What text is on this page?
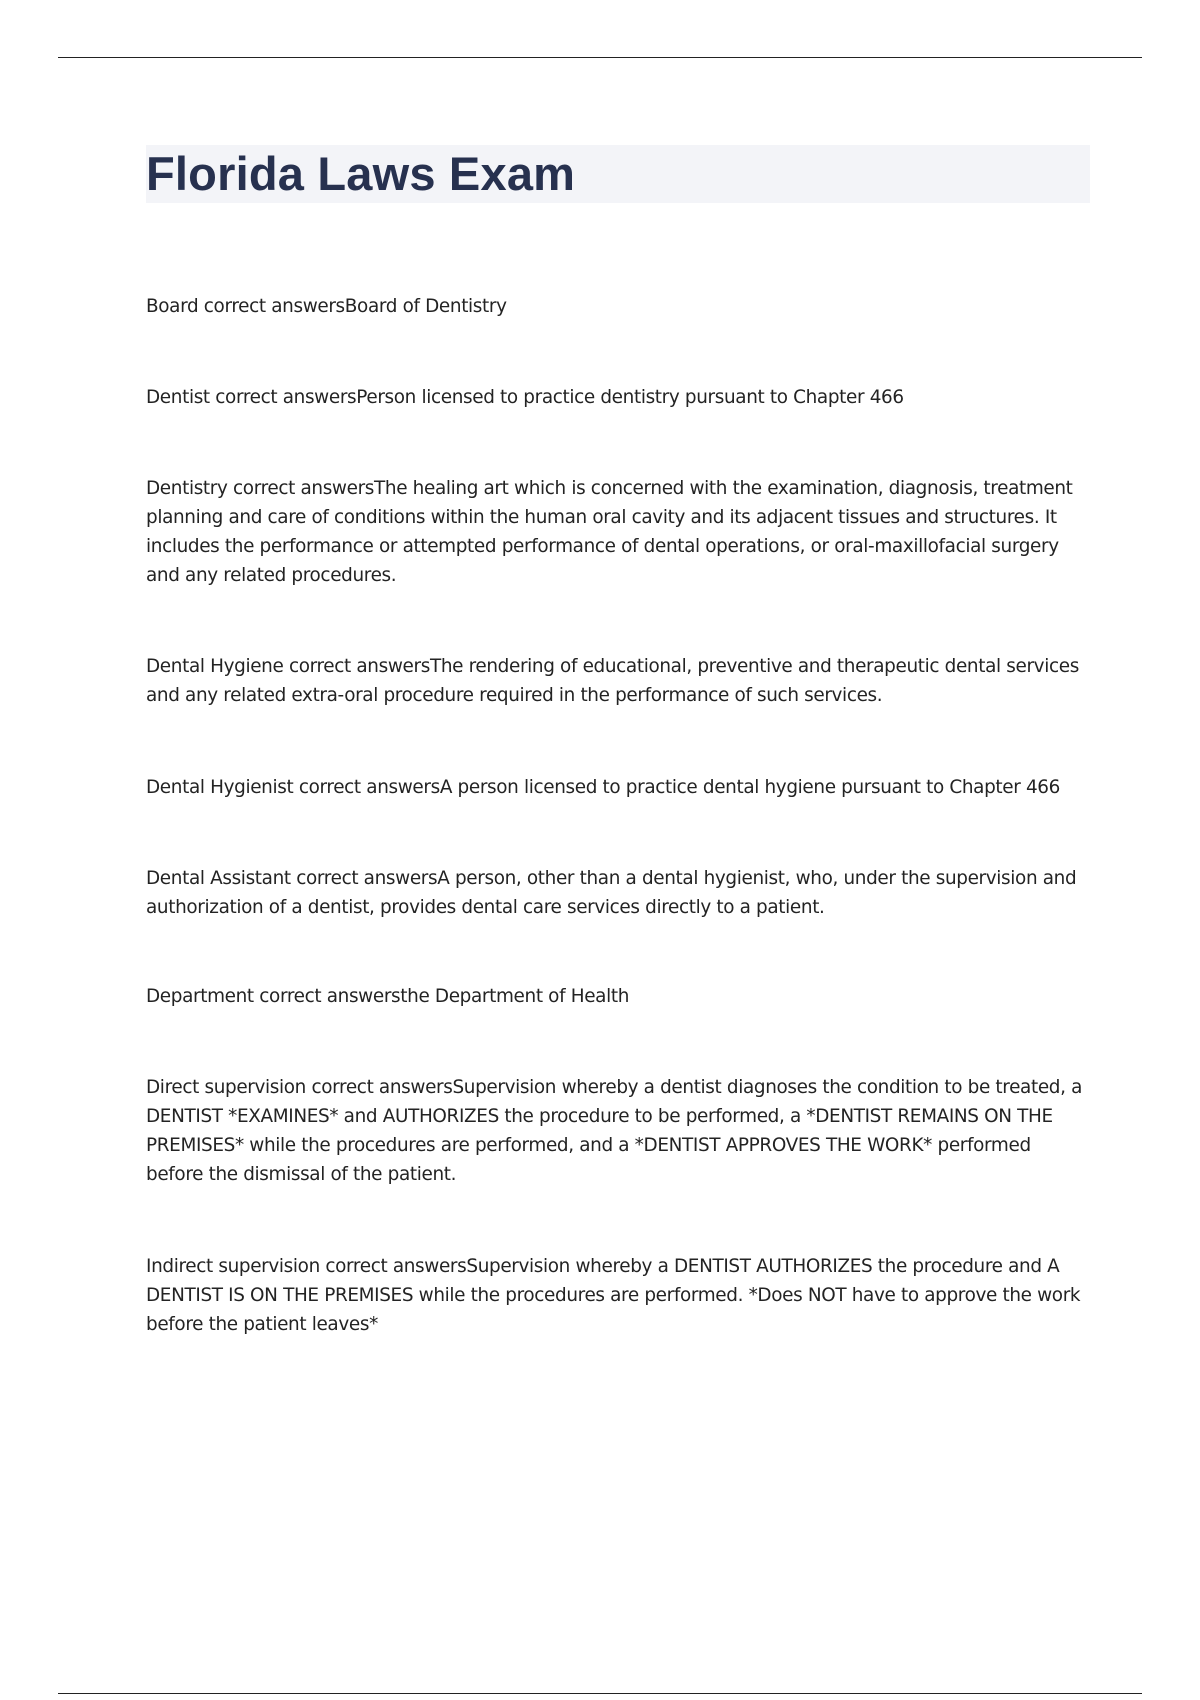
Florida Laws Exam

Board correct answersBoard of Dentistry

Dentist correct answersPerson licensed to practice dentistry pursuant to Chapter 466

Dentistry correct answersThe healing art which is concerned with the examination, diagnosis, treatment planning and care of conditions within the human oral cavity and its adjacent tissues and structures. It includes the performance or attempted performance of dental operations, or oral-maxillofacial surgery and any related procedures.

Dental Hygiene correct answersThe rendering of educational, preventive and therapeutic dental services and any related extra-oral procedure required in the performance of such services.

Dental Hygienist correct answersA person licensed to practice dental hygiene pursuant to Chapter 466

Dental Assistant correct answersA person, other than a dental hygienist, who, under the supervision and authorization of a dentist, provides dental care services directly to a patient.

Department correct answersthe Department of Health

Direct supervision correct answersSupervision whereby a dentist diagnoses the condition to be treated, a DENTIST *EXAMINES* and AUTHORIZES the procedure to be performed, a *DENTIST REMAINS ON THE PREMISES* while the procedures are performed, and a *DENTIST APPROVES THE WORK* performed before the dismissal of the patient.

Indirect supervision correct answersSupervision whereby a DENTIST AUTHORIZES the procedure and A DENTIST IS ON THE PREMISES while the procedures are performed. *Does NOT have to approve the work before the patient leaves*
